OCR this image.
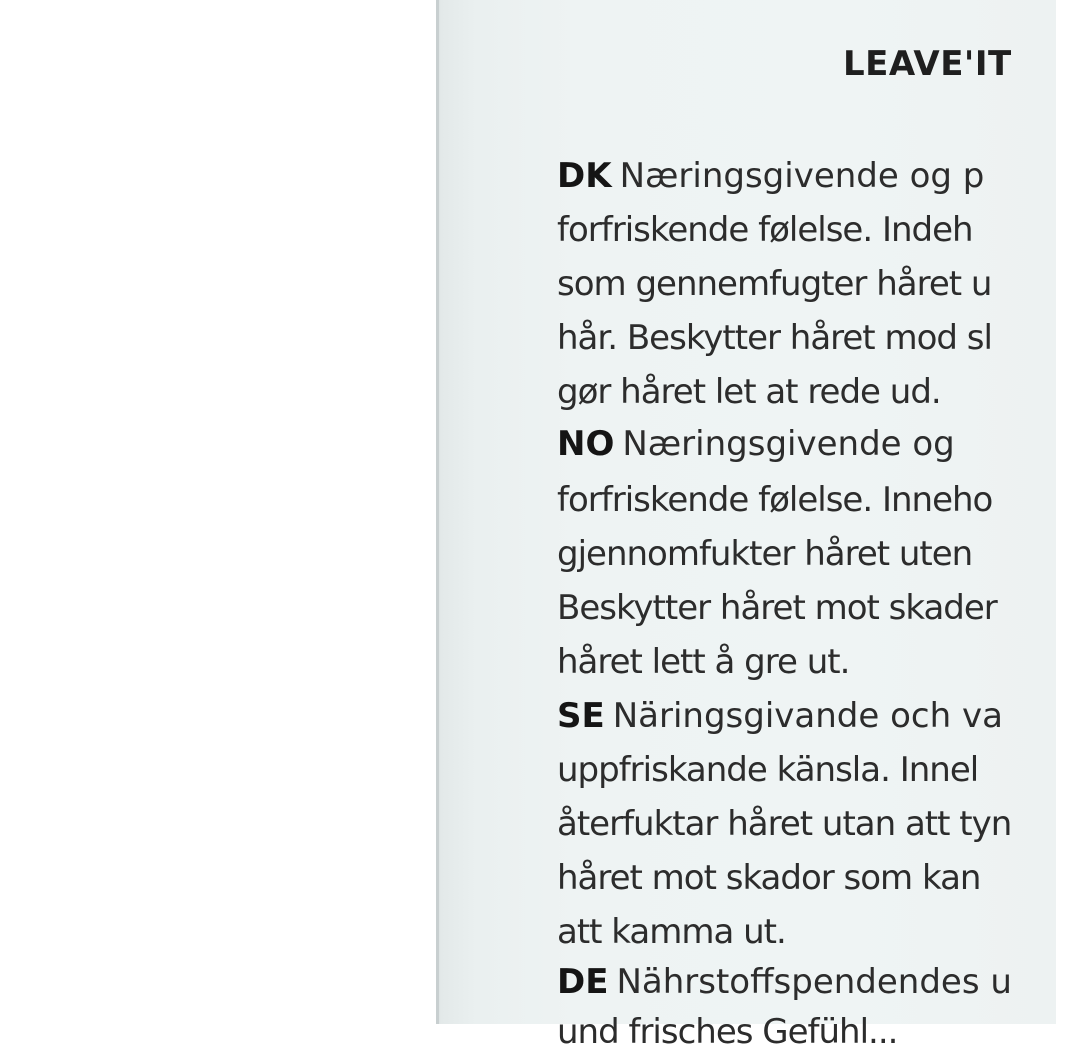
LEAVE'IT
DK Næringsgivende og p
forfriskende følelse. Indeh
som gennemfugter håret u
hår. Beskytter håret mod sl
gør håret let at rede ud.
NO Næringsgivende og
forfriskende følelse. Inneho
gjennomfukter håret uten
Beskytter håret mot skader
håret lett å gre ut.
SE Näringsgivande och va
uppfriskande känsla. Innel
återfuktar håret utan att tyn
håret mot skador som kan
att kamma ut.
DE Nährstoffspendendes u
und frisches Gefühl...
